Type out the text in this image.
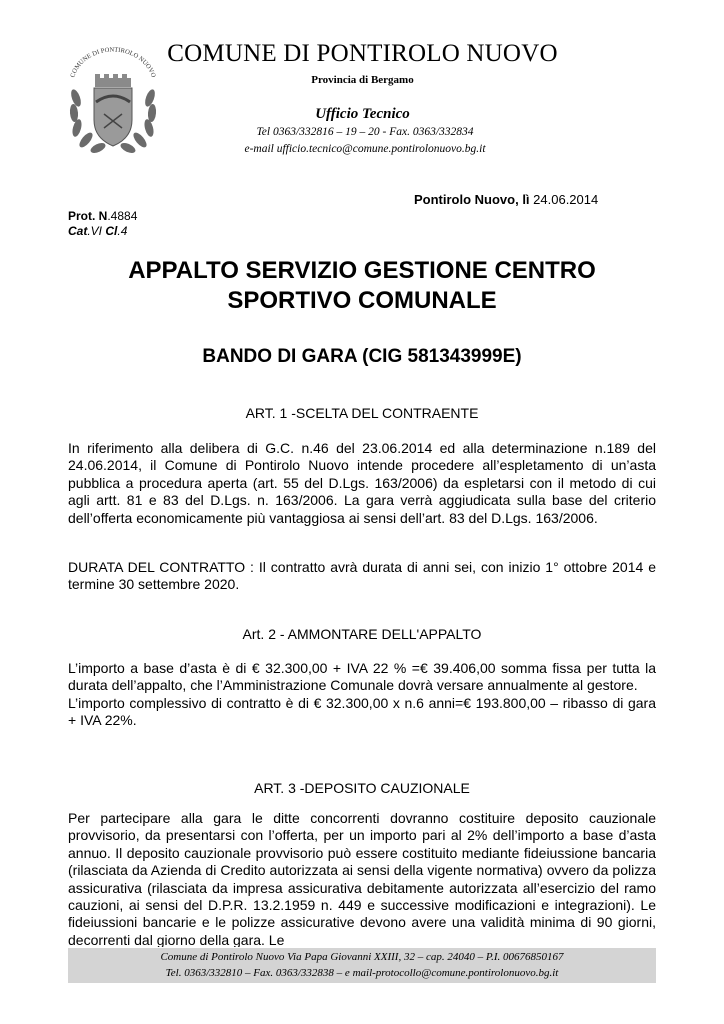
COMUNE DI PONTIROLO NUOVO
COMUNE DI PONTIROLO NUOVO
Provincia di Bergamo
Ufficio Tecnico
Tel 0363/332816 – 19 – 20 - Fax. 0363/332834
e-mail ufficio.tecnico@comune.pontirolonuovo.bg.it
Pontirolo Nuovo, lì 24.06.2014
Prot. N.4884
Cat.VI Cl.4
APPALTO SERVIZIO GESTIONE CENTRO
SPORTIVO COMUNALE
BANDO DI GARA (CIG 581343999E)
ART. 1 -SCELTA DEL CONTRAENTE

In riferimento alla delibera di G.C. n.46 del 23.06.2014 ed alla determinazione n.189 del 24.06.2014, il Comune di Pontirolo Nuovo intende procedere all’espletamento di un’asta pubblica a procedura aperta (art. 55 del D.Lgs. 163/2006) da espletarsi con il metodo di cui agli artt. 81 e 83 del D.Lgs. n. 163/2006. La gara verrà aggiudicata sulla base del criterio dell’offerta economicamente più vantaggiosa ai sensi dell’art. 83 del D.Lgs. 163/2006.

DURATA DEL CONTRATTO : Il contratto avrà durata di anni sei, con inizio 1° ottobre 2014 e termine 30 settembre 2020.

Art. 2 - AMMONTARE DELL'APPALTO

L’importo a base d’asta è di € 32.300,00 + IVA 22 % =€ 39.406,00 somma fissa per tutta la durata dell’appalto, che l’Amministrazione Comunale dovrà versare annualmente al gestore.
L’importo complessivo di contratto è di € 32.300,00 x n.6 anni=€ 193.800,00 – ribasso di gara + IVA 22%.

ART. 3 -DEPOSITO CAUZIONALE

Per partecipare alla gara le ditte concorrenti dovranno costituire deposito cauzionale provvisorio, da presentarsi con l’offerta, per un importo pari al 2% dell’importo a base d’asta annuo. Il deposito cauzionale provvisorio può essere costituito mediante fideiussione bancaria (rilasciata da Azienda di Credito autorizzata ai sensi della vigente normativa) ovvero da polizza assicurativa (rilasciata da impresa assicurativa debitamente autorizzata all’esercizio del ramo cauzioni, ai sensi del D.P.R. 13.2.1959 n. 449 e successive modificazioni e integrazioni). Le fideiussioni bancarie e le polizze assicurative devono avere una validità minima di 90 giorni, decorrenti dal giorno della gara. Le

Comune di Pontirolo Nuovo Via Papa Giovanni XXIII, 32 – cap. 24040 – P.I. 00676850167
Tel. 0363/332810 – Fax. 0363/332838 – e mail-protocollo@comune.pontirolonuovo.bg.it
